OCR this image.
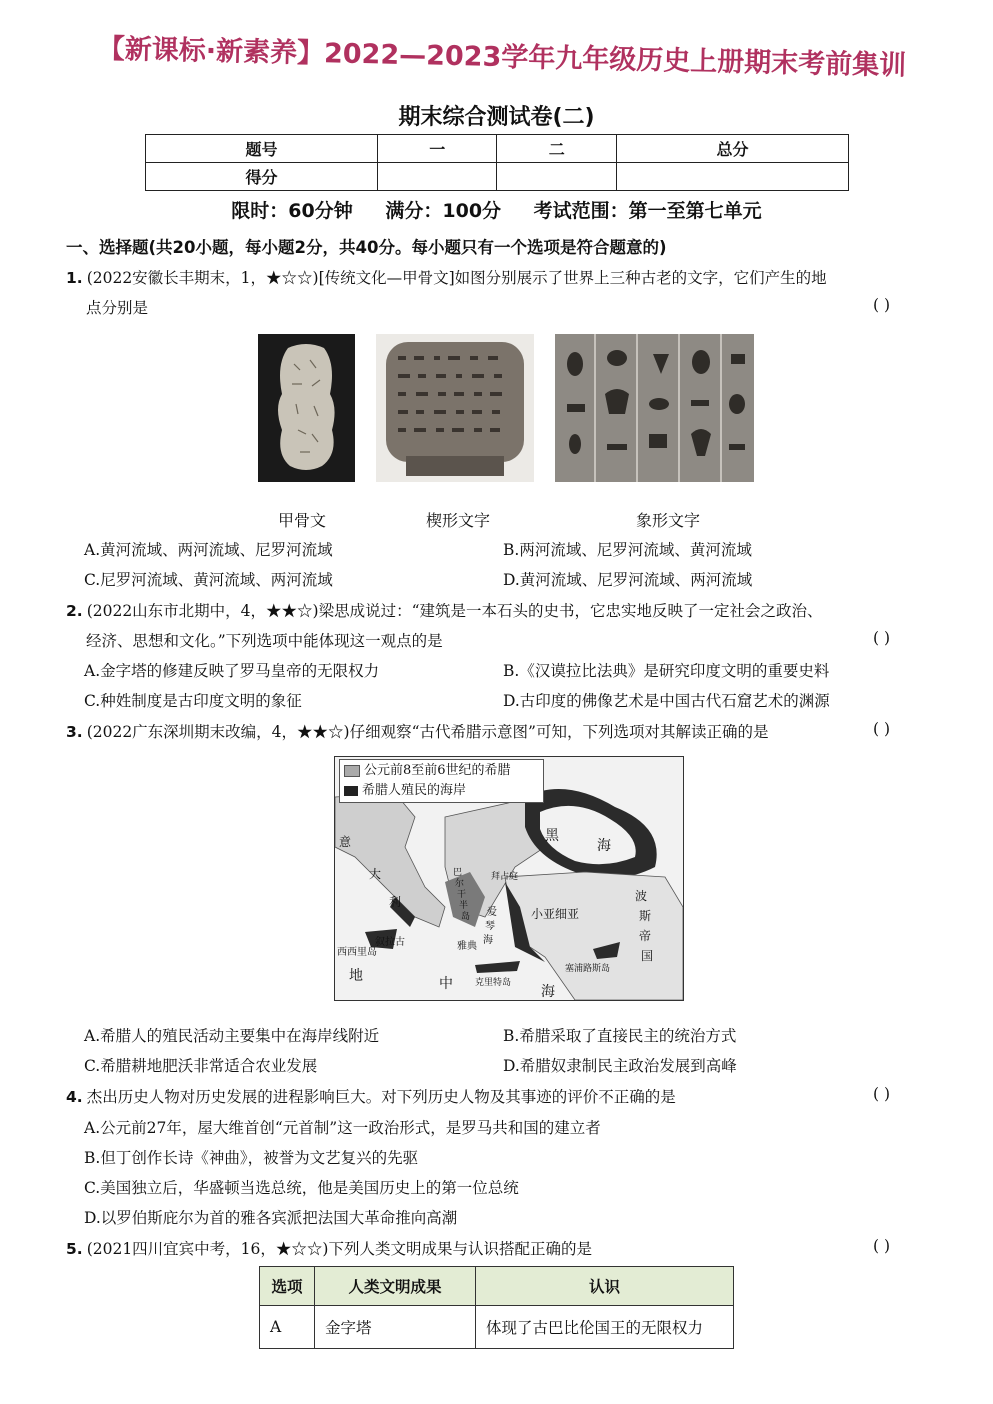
【新课标·新素养】2022—2023学年九年级历史上册期末考前集训
期末综合测试卷(二)
题号	一	二	总分
得分			
限时：60分钟 满分：100分 考试范围：第一至第七单元
一、选择题(共20小题，每小题2分，共40分。每小题只有一个选项是符合题意的)
1. (2022安徽长丰期末，1，★☆☆)[传统文化—甲骨文]如图分别展示了世界上三种古老的文字，它们产生的地
点分别是	( )
甲骨文	楔形文字	象形文字
A.黄河流域、两河流域、尼罗河流域	B.两河流域、尼罗河流域、黄河流域
C.尼罗河流域、黄河流域、两河流域	D.黄河流域、尼罗河流域、两河流域
2. (2022山东市北期中，4，★★☆)梁思成说过：“建筑是一本石头的史书，它忠实地反映了一定社会之政治、
经济、思想和文化。”下列选项中能体现这一观点的是	( )
A.金字塔的修建反映了罗马皇帝的无限权力	B.《汉谟拉比法典》是研究印度文明的重要史料
C.种姓制度是古印度文明的象征	D.古印度的佛像艺术是中国古代石窟艺术的渊源
3. (2022广东深圳期末改编，4，★★☆)仔细观察“古代希腊示意图”可知，下列选项对其解读正确的是	( )
公元前8至前6世纪的希腊
希腊人殖民的海岸
黑
海
意
大
利
西西里岛
叙拉古
地	中	海
巴
尔
干
半
岛
拜 占 庭
爱
琴
海
雅典
小亚细亚
波
斯
帝
国
克里特岛
塞浦路斯岛
A.希腊人的殖民活动主要集中在海岸线附近	B.希腊采取了直接民主的统治方式
C.希腊耕地肥沃非常适合农业发展	D.希腊奴隶制民主政治发展到高峰
4. 杰出历史人物对历史发展的进程影响巨大。对下列历史人物及其事迹的评价不正确的是	( )
A.公元前27年，屋大维首创“元首制”这一政治形式，是罗马共和国的建立者
B.但丁创作长诗《神曲》，被誉为文艺复兴的先驱
C.美国独立后，华盛顿当选总统，他是美国历史上的第一位总统
D.以罗伯斯庇尔为首的雅各宾派把法国大革命推向高潮
5. (2021四川宜宾中考，16，★☆☆)下列人类文明成果与认识搭配正确的是	( )
选项	人类文明成果	认识
A	金字塔	体现了古巴比伦国王的无限权力
